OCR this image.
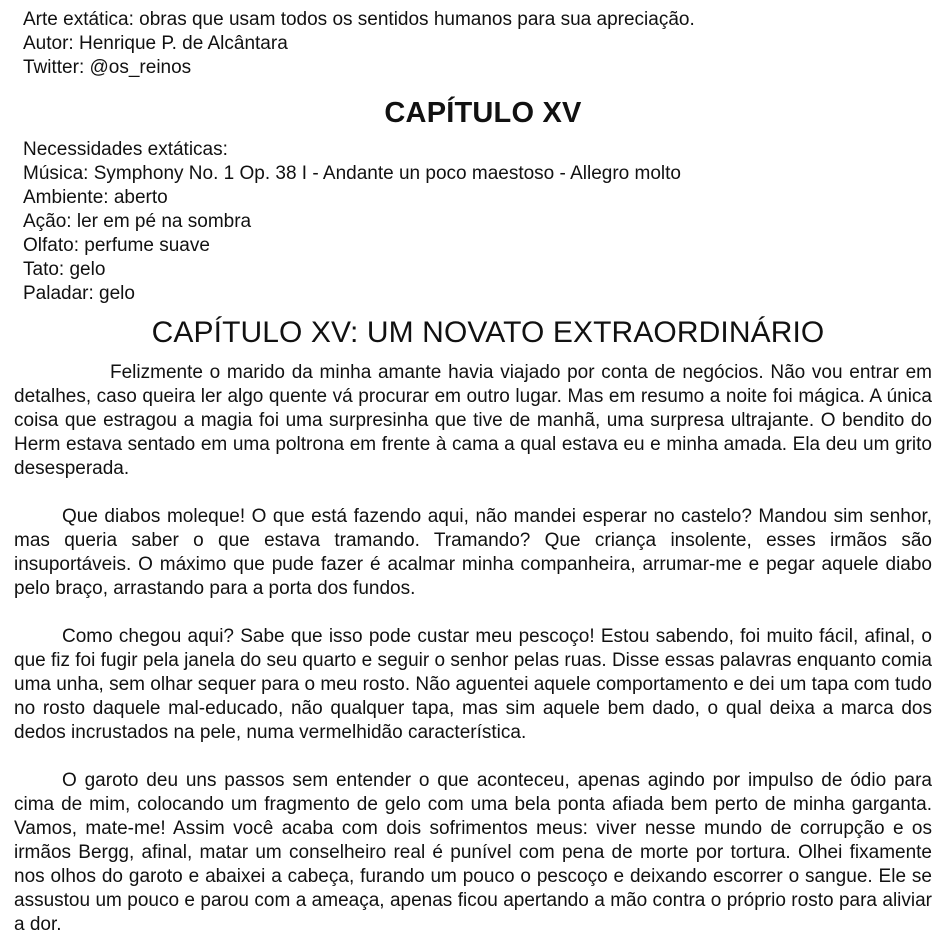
Arte extática: obras que usam todos os sentidos humanos para sua apreciação.
Autor: Henrique P. de Alcântara
Twitter: @os_reinos
CAPÍTULO XV
Necessidades extáticas:
Música: Symphony No. 1 Op. 38 I - Andante un poco maestoso - Allegro molto
Ambiente: aberto
Ação: ler em pé na sombra
Olfato: perfume suave
Tato: gelo
Paladar: gelo
CAPÍTULO XV: UM NOVATO EXTRAORDINÁRIO

Felizmente o marido da minha amante havia viajado por conta de negócios. Não vou entrar em detalhes, caso queira ler algo quente vá procurar em outro lugar. Mas em resumo a noite foi mágica. A única coisa que estragou a magia foi uma surpresinha que tive de manhã, uma surpresa ultrajante. O bendito do Herm estava sentado em uma poltrona em frente à cama a qual estava eu e minha amada. Ela deu um grito desesperada.

Que diabos moleque! O que está fazendo aqui, não mandei esperar no castelo? Mandou sim senhor, mas queria saber o que estava tramando. Tramando? Que criança insolente, esses irmãos são insuportáveis. O máximo que pude fazer é acalmar minha companheira, arrumar-me e pegar aquele diabo pelo braço, arrastando para a porta dos fundos.

Como chegou aqui? Sabe que isso pode custar meu pescoço! Estou sabendo, foi muito fácil, afinal, o que fiz foi fugir pela janela do seu quarto e seguir o senhor pelas ruas. Disse essas palavras enquanto comia uma unha, sem olhar sequer para o meu rosto. Não aguentei aquele comportamento e dei um tapa com tudo no rosto daquele mal-educado, não qualquer tapa, mas sim aquele bem dado, o qual deixa a marca dos dedos incrustados na pele, numa vermelhidão característica.

O garoto deu uns passos sem entender o que aconteceu, apenas agindo por impulso de ódio para cima de mim, colocando um fragmento de gelo com uma bela ponta afiada bem perto de minha garganta. Vamos, mate-me! Assim você acaba com dois sofrimentos meus: viver nesse mundo de corrupção e os irmãos Bergg, afinal, matar um conselheiro real é punível com pena de morte por tortura. Olhei fixamente nos olhos do garoto e abaixei a cabeça, furando um pouco o pescoço e deixando escorrer o sangue. Ele se assustou um pouco e parou com a ameaça, apenas ficou apertando a mão contra o próprio rosto para aliviar a dor.
